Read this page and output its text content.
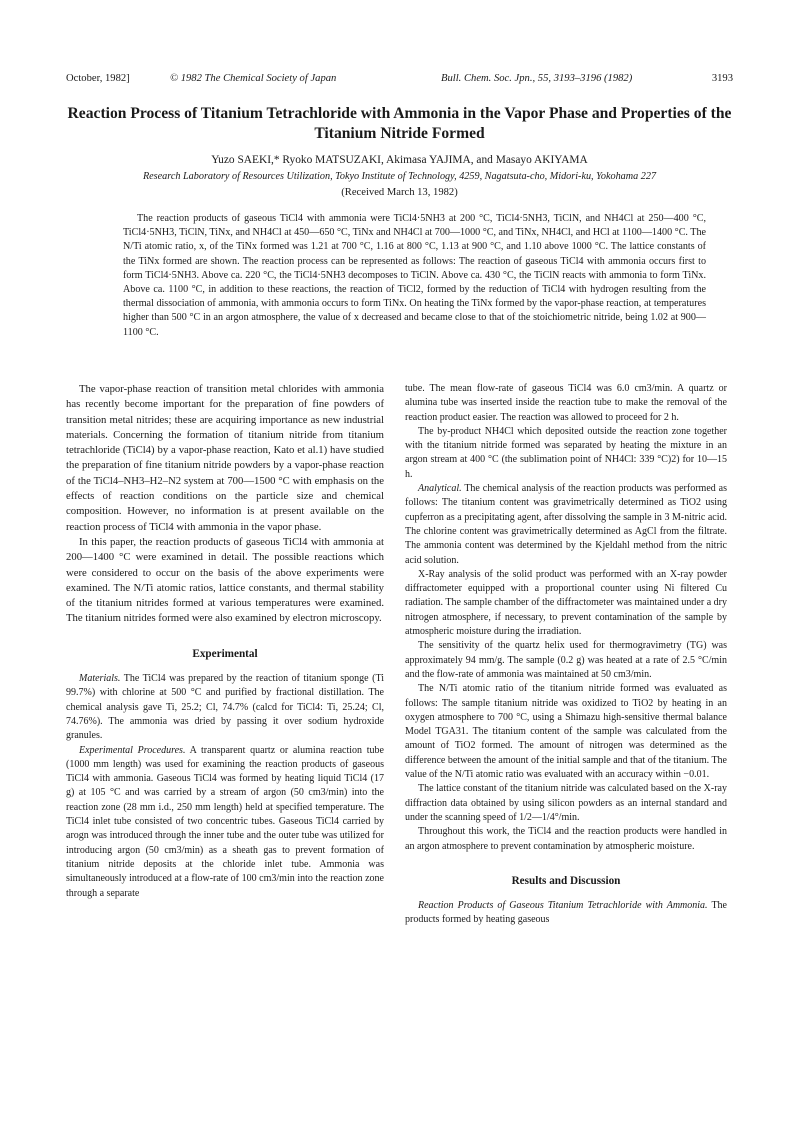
October, 1982]	© 1982 The Chemical Society of Japan	Bull. Chem. Soc. Jpn., 55, 3193–3196 (1982)	3193
Reaction Process of Titanium Tetrachloride with Ammonia in the Vapor Phase and Properties of the Titanium Nitride Formed
Yuzo SAEKI,* Ryoko MATSUZAKI, Akimasa YAJIMA, and Masayo AKIYAMA
Research Laboratory of Resources Utilization, Tokyo Institute of Technology, 4259, Nagatsuta-cho, Midori-ku, Yokohama 227
(Received March 13, 1982)

The reaction products of gaseous TiCl4 with ammonia were TiCl4·5NH3 at 200 °C, TiCl4·5NH3, TiClN, and NH4Cl at 250—400 °C, TiCl4·5NH3, TiClN, TiNx, and NH4Cl at 450—650 °C, TiNx and NH4Cl at 700—1000 °C, and TiNx, NH4Cl, and HCl at 1100—1400 °C. The N/Ti atomic ratio, x, of the TiNx formed was 1.21 at 700 °C, 1.16 at 800 °C, 1.13 at 900 °C, and 1.10 above 1000 °C. The lattice constants of the TiNx formed are shown. The reaction process can be represented as follows: The reaction of gaseous TiCl4 with ammonia occurs first to form TiCl4·5NH3. Above ca. 220 °C, the TiCl4·5NH3 decomposes to TiClN. Above ca. 430 °C, the TiClN reacts with ammonia to form TiNx. Above ca. 1100 °C, in addition to these reactions, the reaction of TiCl2, formed by the reduction of TiCl4 with hydrogen resulting from the thermal dissociation of ammonia, with ammonia occurs to form TiNx. On heating the TiNx formed by the vapor-phase reaction, at temperatures higher than 500 °C in an argon atmosphere, the value of x decreased and became close to that of the stoichiometric nitride, being 1.02 at 900—1100 °C.

The vapor-phase reaction of transition metal chlorides with ammonia has recently become important for the preparation of fine powders of transition metal nitrides; these are acquiring importance as new industrial materials. Concerning the formation of titanium nitride from titanium tetrachloride (TiCl4) by a vapor-phase reaction, Kato et al.1) have studied the preparation of fine titanium nitride powders by a vapor-phase reaction of the TiCl4–NH3–H2–N2 system at 700—1500 °C with emphasis on the effects of reaction conditions on the particle size and chemical composition. However, no information is at present available on the reaction process of TiCl4 with ammonia in the vapor phase.

In this paper, the reaction products of gaseous TiCl4 with ammonia at 200—1400 °C were examined in detail. The possible reactions which were considered to occur on the basis of the above experiments were examined. The N/Ti atomic ratios, lattice constants, and thermal stability of the titanium nitrides formed at various temperatures were examined. The titanium nitrides formed were also examined by electron microscopy.

Experimental

Materials. The TiCl4 was prepared by the reaction of titanium sponge (Ti 99.7%) with chlorine at 500 °C and purified by fractional distillation. The chemical analysis gave Ti, 25.2; Cl, 74.7% (calcd for TiCl4: Ti, 25.24; Cl, 74.76%). The ammonia was dried by passing it over sodium hydroxide granules.

Experimental Procedures. A transparent quartz or alumina reaction tube (1000 mm length) was used for examining the reaction products of gaseous TiCl4 with ammonia. Gaseous TiCl4 was formed by heating liquid TiCl4 (17 g) at 105 °C and was carried by a stream of argon (50 cm3/min) into the reaction zone (28 mm i.d., 250 mm length) held at specified temperature. The TiCl4 inlet tube consisted of two concentric tubes. Gaseous TiCl4 carried by arogn was introduced through the inner tube and the outer tube was utilized for introducing argon (50 cm3/min) as a sheath gas to prevent formation of titanium nitride deposits at the chloride inlet tube. Ammonia was simultaneously introduced at a flow-rate of 100 cm3/min into the reaction zone through a separate

tube. The mean flow-rate of gaseous TiCl4 was 6.0 cm3/min. A quartz or alumina tube was inserted inside the reaction tube to make the removal of the reaction product easier. The reaction was allowed to proceed for 2 h.

The by-product NH4Cl which deposited outside the reaction zone together with the titanium nitride formed was separated by heating the mixture in an argon stream at 400 °C (the sublimation point of NH4Cl: 339 °C)2) for 10—15 h.

Analytical. The chemical analysis of the reaction products was performed as follows: The titanium content was gravimetrically determined as TiO2 using cupferron as a precipitating agent, after dissolving the sample in 3 M-nitric acid. The chlorine content was gravimetrically determined as AgCl from the filtrate. The ammonia content was determined by the Kjeldahl method from the nitric acid solution.

X-Ray analysis of the solid product was performed with an X-ray powder diffractometer equipped with a proportional counter using Ni filtered Cu radiation. The sample chamber of the diffractometer was maintained under a dry nitrogen atmosphere, if necessary, to prevent contamination of the sample by atmospheric moisture during the irradiation.

The sensitivity of the quartz helix used for thermogravimetry (TG) was approximately 94 mm/g. The sample (0.2 g) was heated at a rate of 2.5 °C/min and the flow-rate of ammonia was maintained at 50 cm3/min.

The N/Ti atomic ratio of the titanium nitride formed was evaluated as follows: The sample titanium nitride was oxidized to TiO2 by heating in an oxygen atmosphere to 700 °C, using a Shimazu high-sensitive thermal balance Model TGA31. The titanium content of the sample was calculated from the amount of TiO2 formed. The amount of nitrogen was determined as the difference between the amount of the initial sample and that of the titanium. The value of the N/Ti atomic ratio was evaluated with an accuracy within −0.01.

The lattice constant of the titanium nitride was calculated based on the X-ray diffraction data obtained by using silicon powders as an internal standard and under the scanning speed of 1/2—1/4°/min.

Throughout this work, the TiCl4 and the reaction products were handled in an argon atmosphere to prevent contamination by atmospheric moisture.

Results and Discussion

Reaction Products of Gaseous Titanium Tetrachloride with Ammonia. The products formed by heating gaseous
